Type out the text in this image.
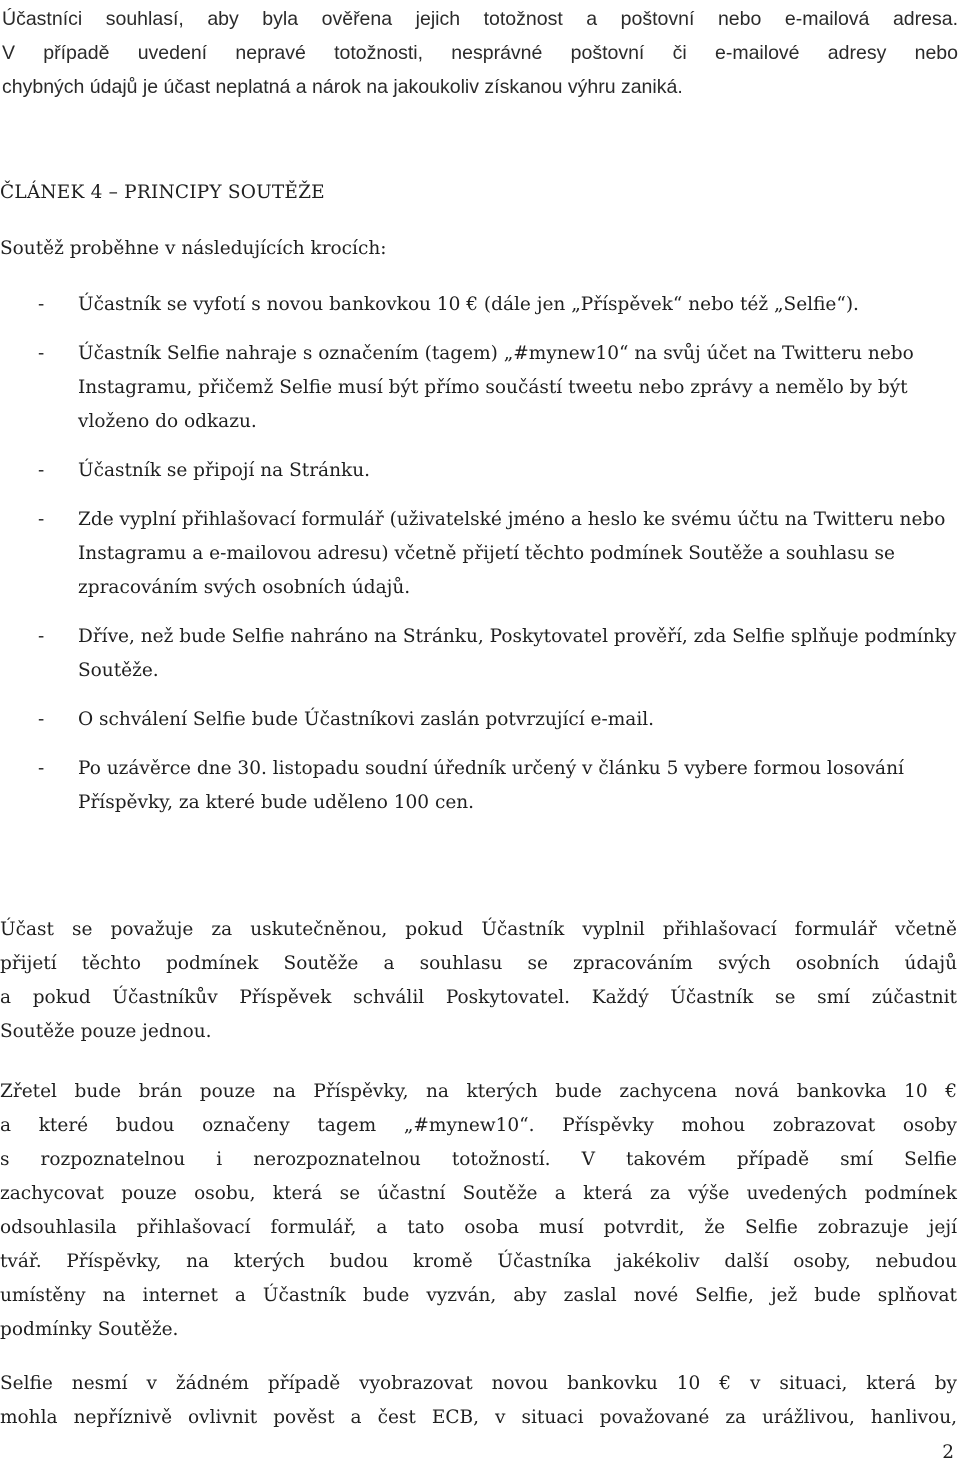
Účastníci souhlasí, aby byla ověřena jejich totožnost a poštovní nebo e-mailová adresa.
V případě uvedení nepravé totožnosti, nesprávné poštovní či e-mailové adresy nebo
chybných údajů je účast neplatná a nárok na jakoukoliv získanou výhru zaniká.
ČLÁNEK 4 – PRINCIPY SOUTĚŽE

Soutěž proběhne v následujících krocích:

- Účastník se vyfotí s novou bankovkou 10 € (dále jen „Příspěvek“ nebo též „Selfie“).
- Účastník Selfie nahraje s označením (tagem) „#mynew10“ na svůj účet na Twitteru nebo Instagramu, přičemž Selfie musí být přímo součástí tweetu nebo zprávy a nemělo by být vloženo do odkazu.
- Účastník se připojí na Stránku.
- Zde vyplní přihlašovací formulář (uživatelské jméno a heslo ke svému účtu na Twitteru nebo Instagramu a e-mailovou adresu) včetně přijetí těchto podmínek Soutěže a souhlasu se zpracováním svých osobních údajů.
- Dříve, než bude Selfie nahráno na Stránku, Poskytovatel prověří, zda Selfie splňuje podmínky Soutěže.
- O schválení Selfie bude Účastníkovi zaslán potvrzující e-mail.
- Po uzávěrce dne 30. listopadu soudní úředník určený v článku 5 vybere formou losování Příspěvky, za které bude uděleno 100 cen.
Účast se považuje za uskutečněnou, pokud Účastník vyplnil přihlašovací formulář včetně
přijetí těchto podmínek Soutěže a souhlasu se zpracováním svých osobních údajů
a pokud Účastníkův Příspěvek schválil Poskytovatel. Každý Účastník se smí zúčastnit
Soutěže pouze jednou.
Zřetel bude brán pouze na Příspěvky, na kterých bude zachycena nová bankovka 10 €
a které budou označeny tagem „#mynew10“. Příspěvky mohou zobrazovat osoby
s rozpoznatelnou i nerozpoznatelnou totožností. V takovém případě smí Selfie
zachycovat pouze osobu, která se účastní Soutěže a která za výše uvedených podmínek
odsouhlasila přihlašovací formulář, a tato osoba musí potvrdit, že Selfie zobrazuje její
tvář. Příspěvky, na kterých budou kromě Účastníka jakékoliv další osoby, nebudou
umístěny na internet a Účastník bude vyzván, aby zaslal nové Selfie, jež bude splňovat
podmínky Soutěže.
Selfie nesmí v žádném případě vyobrazovat novou bankovku 10 € v situaci, která by
mohla nepříznivě ovlivnit pověst a čest ECB, v situaci považované za urážlivou, hanlivou,

2
